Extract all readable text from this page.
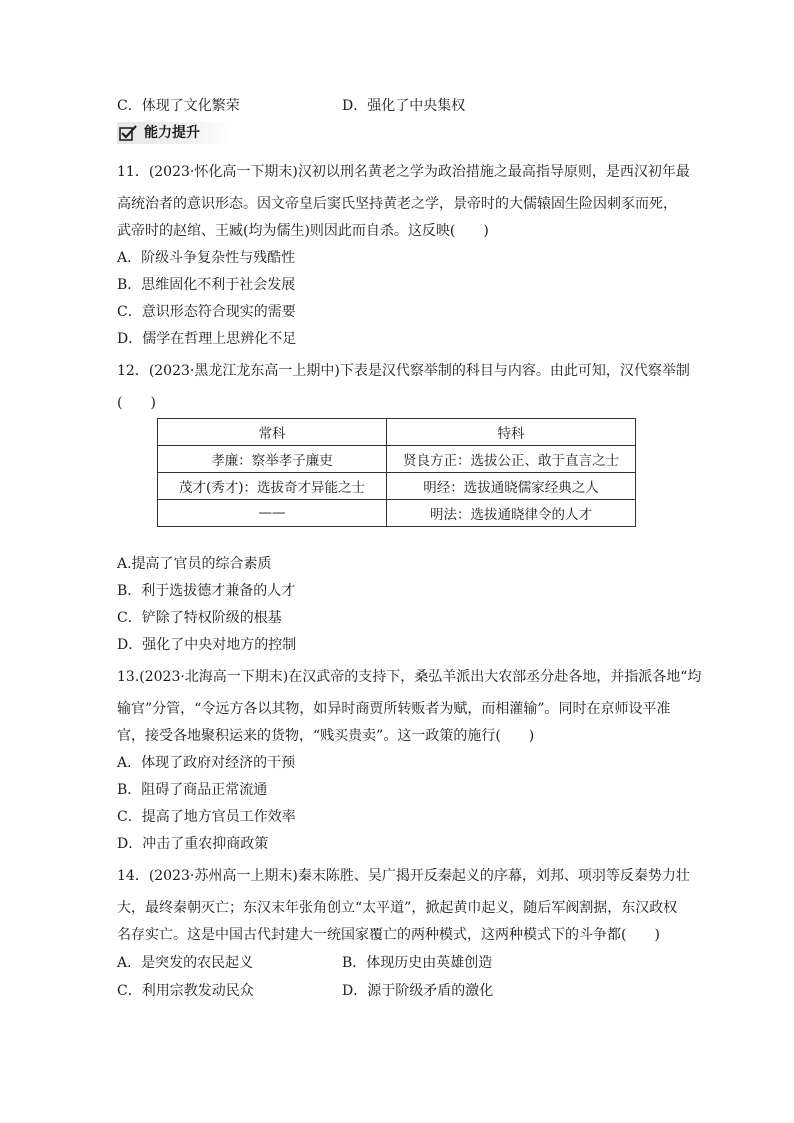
C．体现了文化繁荣	D．强化了中央集权
能力提升
11．(2023·怀化高一下期末)汉初以刑名黄老之学为政治措施之最高指导原则，是西汉初年最
高统治者的意识形态。因文帝皇后窦氏坚持黄老之学，景帝时的大儒辕固生险因刺豕而死，
武帝时的赵绾、王臧(均为儒生)则因此而自杀。这反映(　　)
A．阶级斗争复杂性与残酷性
B．思维固化不利于社会发展
C．意识形态符合现实的需要
D．儒学在哲理上思辨化不足
12．(2023·黑龙江龙东高一上期中)下表是汉代察举制的科目与内容。由此可知，汉代察举制
(　　)
常科	特科
孝廉：察举孝子廉吏	贤良方正：选拔公正、敢于直言之士
茂才(秀才)：选拔奇才异能之士	明经：选拔通晓儒家经典之人
——	明法：选拔通晓律令的人才
A.提高了官员的综合素质
B．利于选拔德才兼备的人才
C．铲除了特权阶级的根基
D．强化了中央对地方的控制
13.(2023·北海高一下期末)在汉武帝的支持下，桑弘羊派出大农部丞分赴各地，并指派各地“均
输官”分管，“令远方各以其物，如异时商贾所转贩者为赋，而相灌输”。同时在京师设平准
官，接受各地聚积运来的货物，“贱买贵卖”。这一政策的施行(　　)
A．体现了政府对经济的干预
B．阻碍了商品正常流通
C．提高了地方官员工作效率
D．冲击了重农抑商政策
14．(2023·苏州高一上期末)秦末陈胜、吴广揭开反秦起义的序幕，刘邦、项羽等反秦势力壮
大，最终秦朝灭亡；东汉末年张角创立“太平道”，掀起黄巾起义，随后军阀割据，东汉政权
名存实亡。这是中国古代封建大一统国家覆亡的两种模式，这两种模式下的斗争都(　　)
A．是突发的农民起义	B．体现历史由英雄创造
C．利用宗教发动民众	D．源于阶级矛盾的激化
